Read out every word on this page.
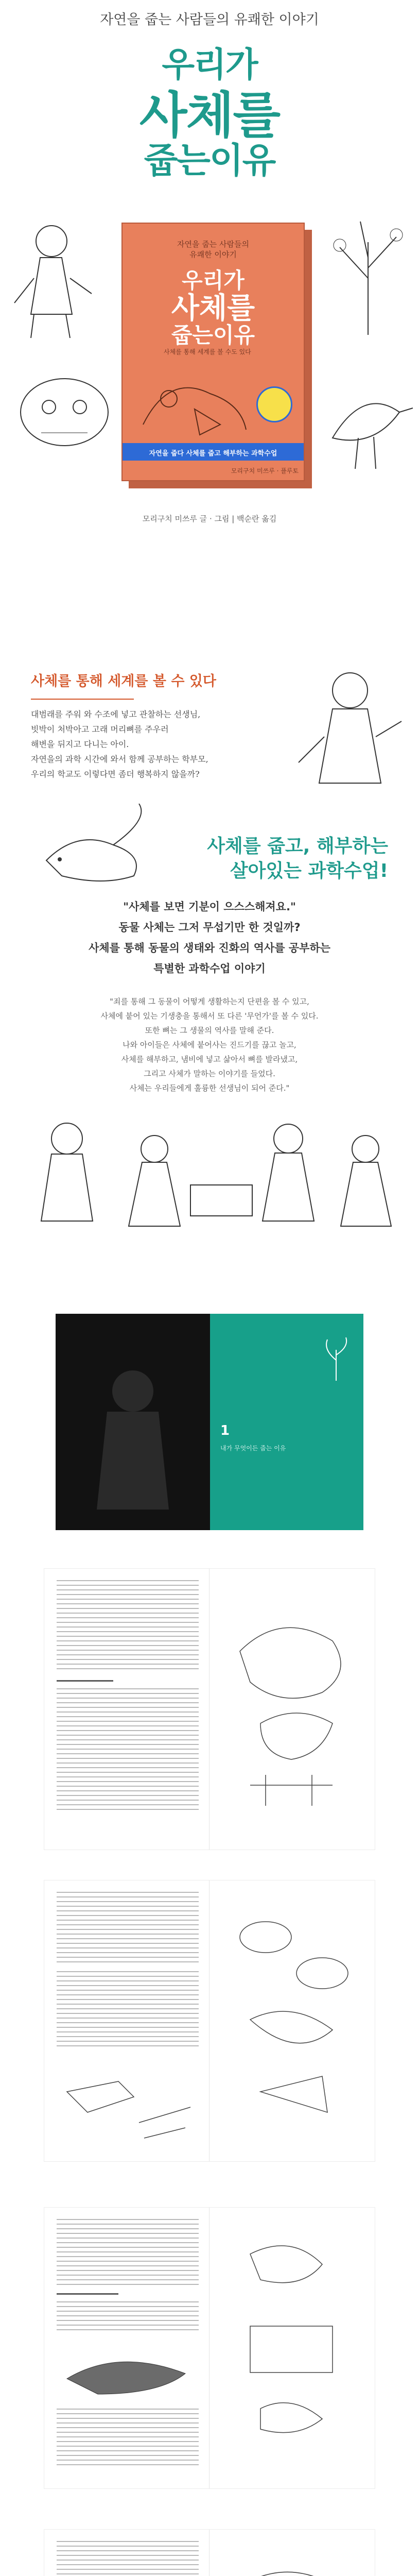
자연을 줍는 사람들의 유쾌한 이야기
우리가
사체를
줍는이유
자연을 줍는 사람들의
유쾌한 이야기
우리가
사체를
줍는이유
사체를 통해 세계를 볼 수도 있다
자연을 줍다 사체를 줍고 해부하는 과학수업
모리구치 미쓰루 · 플루토
모리구치 미쓰루 글 · 그림 | 백순란 옮김
사체를 통해 세계를 볼 수 있다
대범래를 주워 와 수조에 넣고 관찰하는 선생님,
빗박이 처박아고 고래 머리뼈를 주우러
해변을 뒤지고 다니는 아이.
자연을의 과학 시간에 와서 함께 공부하는 학부모,
우리의 학교도 이렇다면 좀더 행복하지 않을까?
사체를 줍고, 해부하는
살아있는 과학수업!
"사체를 보면 기분이 으스스해져요."
동물 사체는 그저 무섭기만 한 것일까?
사체를 통해 동물의 생태와 진화의 역사를 공부하는
특별한 과학수업 이야기
"죄를 통해 그 동물이 어떻게 생활하는지 단편을 볼 수 있고,
사체에 붙어 있는 기생충을 통해서 또 다른 '무언가'를 볼 수 있다.
또한 뼈는 그 생물의 역사를 말해 준다.
나와 아이들은 사체에 붙어사는 진드기를 끊고 놀고,
사체를 해부하고, 냄비에 넣고 삶아서 뼈를 발라냈고,
그리고 사체가 말하는 이야기를 들었다.
사체는 우리들에게 훌륭한 선생님이 되어 준다."
1
내가 무엇이든 줍는 이유
